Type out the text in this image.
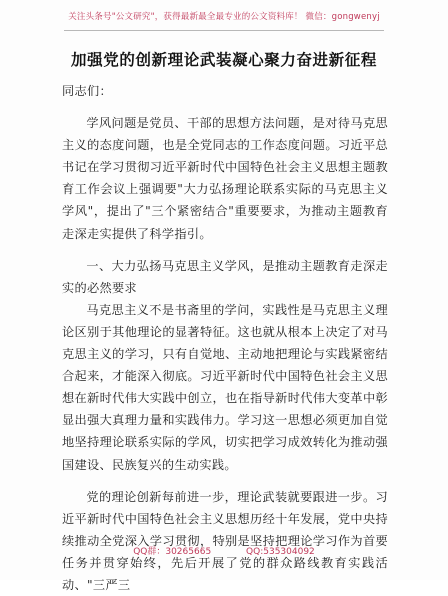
关注头条号"公文研究"，获得最新最全最专业的公文资料库！ 微信：gongwenyj
加强党的创新理论武装凝心聚力奋进新征程

同志们：

学风问题是党员、干部的思想方法问题，是对待马克思主义的态度问题，也是全党同志的工作态度问题。习近平总书记在学习贯彻习近平新时代中国特色社会主义思想主题教育工作会议上强调要"大力弘扬理论联系实际的马克思主义学风"，提出了"三个紧密结合"重要要求，为推动主题教育走深走实提供了科学指引。

一、大力弘扬马克思主义学风，是推动主题教育走深走实的必然要求

马克思主义不是书斋里的学问，实践性是马克思主义理论区别于其他理论的显著特征。这也就从根本上决定了对马克思主义的学习，只有自觉地、主动地把理论与实践紧密结合起来，才能深入彻底。习近平新时代中国特色社会主义思想在新时代伟大实践中创立，也在指导新时代伟大变革中彰显出强大真理力量和实践伟力。学习这一思想必须更加自觉地坚持理论联系实际的学风，切实把学习成效转化为推动强国建设、民族复兴的生动实践。

党的理论创新每前进一步，理论武装就要跟进一步。习近平新时代中国特色社会主义思想历经十年发展，党中央持续推动全党深入学习贯彻，特别是坚持把理论学习作为首要任务并贯穿始终，先后开展了党的群众路线教育实践活动、"三严三

QQ群：30265665	QQ:535304092
